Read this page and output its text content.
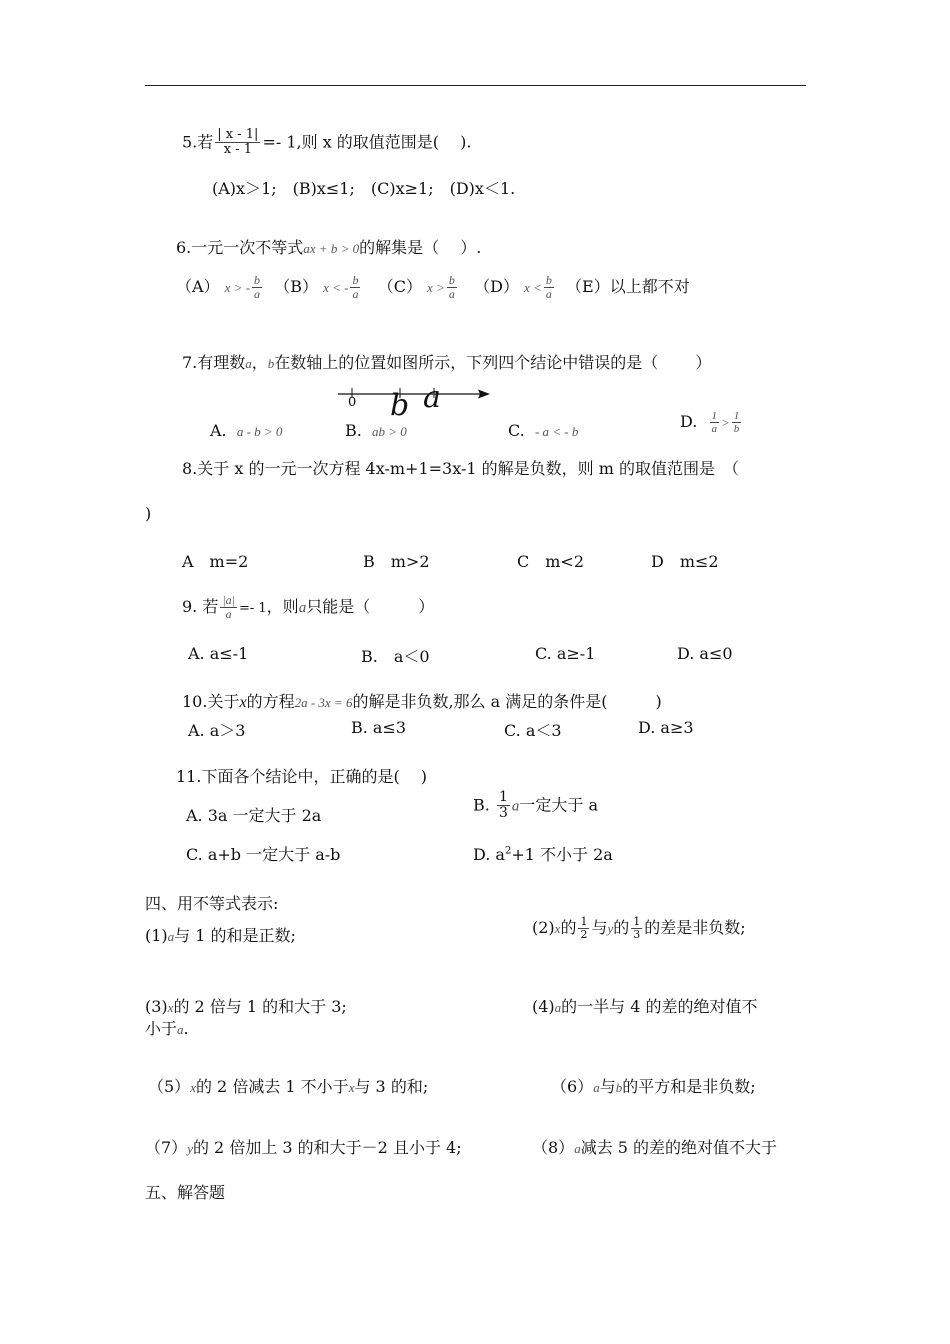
5.若 $\frac{| x - 1|}{x - 1} =- 1$,则 x 的取值范围是(　 ).
(A)x＞1;　(B)x≤1;　(C)x≥1;　(D)x＜1.
6.一元一次不等式ax + b > 0的解集是（　 ）.
（A） x > - $\frac{b}{a} (B) x$ < - $\frac{b}{a} (C) x > \frac{b}{a} (D) x < \frac{b}{a} (E)$以上都不对
7.有理数a，b在数轴上的位置如图所示，下列四个结论中错误的是（　　 ）
0 b a
A. a - b > 0	B. ab > 0	C. - a < - b
D. $\frac{1}{a} > \frac{1}{b}$
8.关于 x 的一元一次方程 4x-m+1=3x-1 的解是负数，则 m 的取值范围是　（
)
A　m=2	B　m>2	C　m<2	D　m≤2
9. 若 $\frac{|a|}{a} =- 1$，则a只能是（　　　）
A. a≤-1	B.　a＜0	C. a≥-1	D. a≤0
10.关于x的方程2a - 3x = 6的解是非负数,那么 a 满足的条件是(　　　)
A. a＞3	B. a≤3	C. a＜3	D. a≥3
11.下面各个结论中，正确的是(　 )
A. 3a 一定大于 2a
B. $\frac{1}{3}$ a一定大于 a
C. a+b 一定大于 a-b	D. $a^2+1$ 不小于 2a
四、用不等式表示:
(1)a与 1 的和是正数;	(2)x的 $\frac{1}{2}$ 与y的 $\frac{1}{3}$ 的差是非负数;
(3)x的 2 倍与 1 的和大于 3;	(4)a的一半与 4 的差的绝对值不
小于a.
（5）x的 2 倍减去 1 不小于x与 3 的和;	（6）a与b的平方和是非负数;
（7）y的 2 倍加上 3 的和大于－2 且小于 4;	（8）a减去 5 的差的绝对值不大于
五、解答题
